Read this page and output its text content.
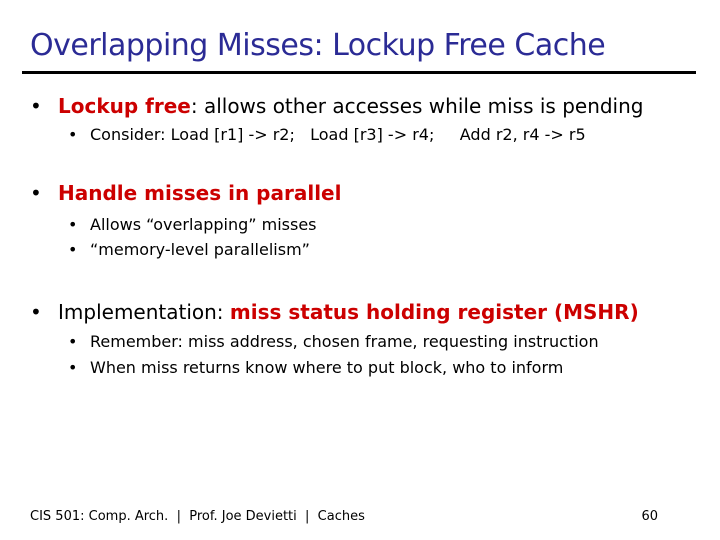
Overlapping Misses: Lockup Free Cache
• Lockup free: allows other accesses while miss is pending
• Consider: Load [r1] -> r2;   Load [r3] -> r4;     Add r2, r4 -> r5
• Handle misses in parallel
• Allows “overlapping” misses
• “memory-level parallelism”
• Implementation: miss status holding register (MSHR)
• Remember: miss address, chosen frame, requesting instruction
• When miss returns know where to put block, who to inform
CIS 501: Comp. Arch.  |  Prof. Joe Devietti  |  Caches	60
